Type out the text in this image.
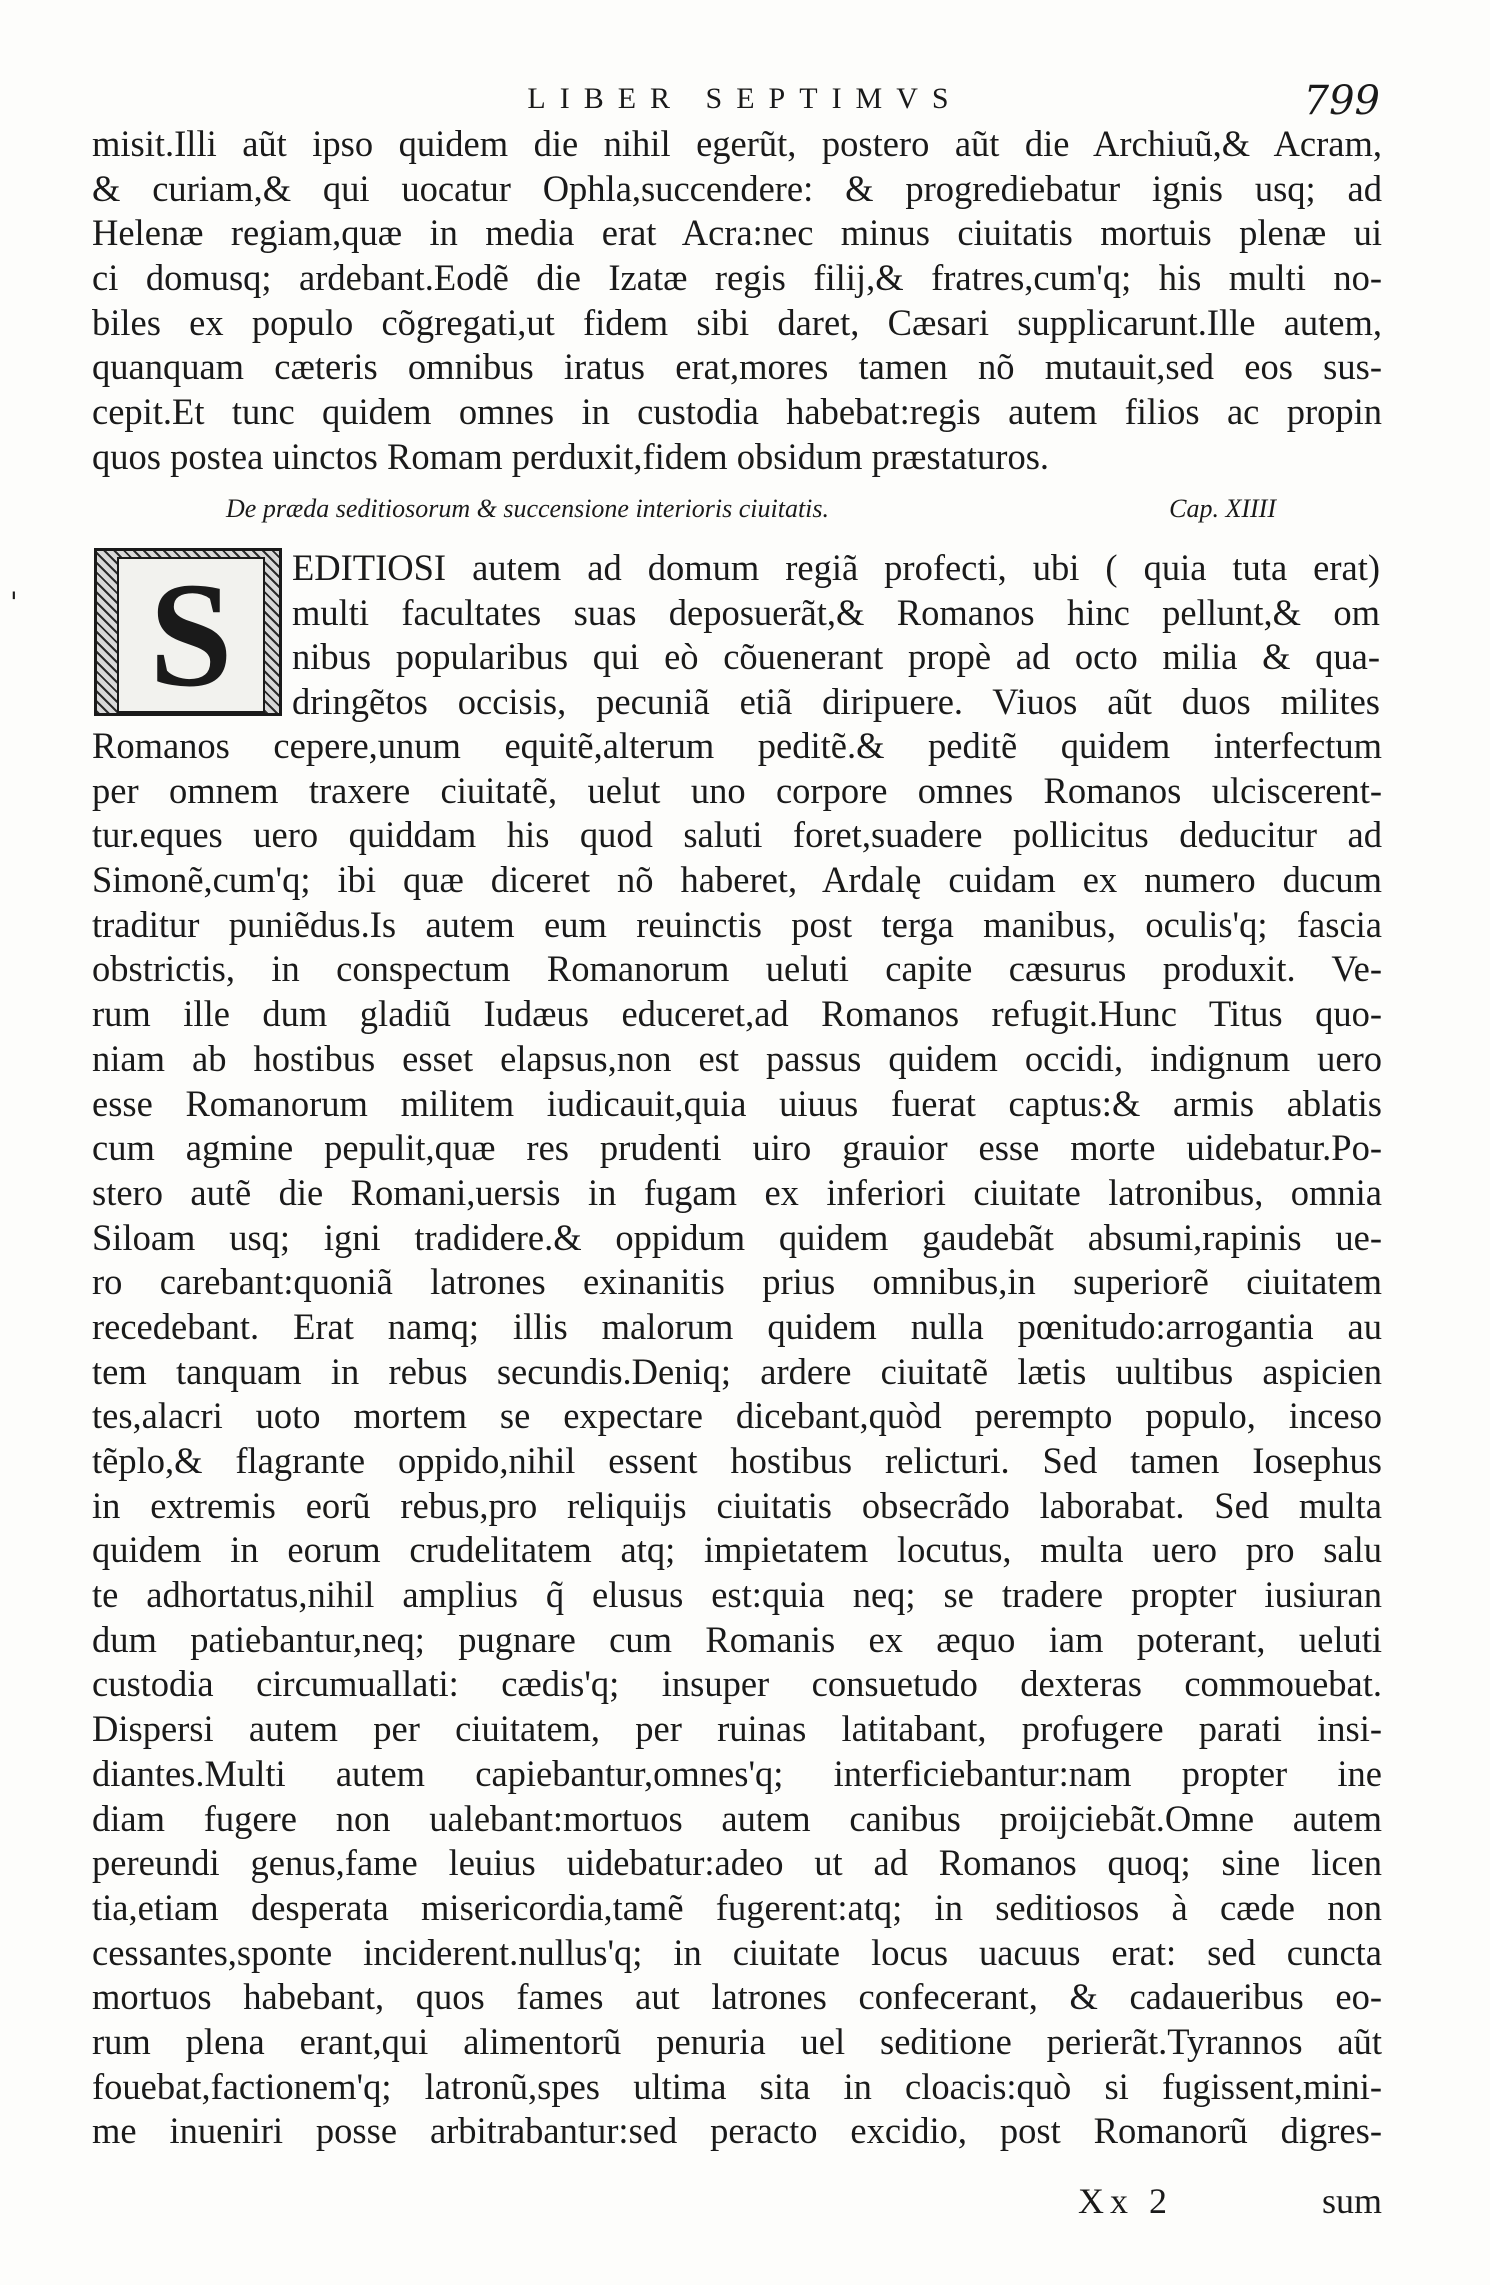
LIBER SEPTIMVS	799
misit.Illi aũt ipso quidem die nihil egerũt, postero aũt die Archiuũ,& Acram,
& curiam,& qui uocatur Ophla,succendere: & progrediebatur ignis usq; ad
Helenæ regiam,quæ in media erat Acra:nec minus ciuitatis mortuis plenæ ui
ci domusq; ardebant.Eodẽ die Izatæ regis filij,& fratres,cum'q; his multi no-
biles ex populo cõgregati,ut fidem sibi daret, Cæsari supplicarunt.Ille autem,
quanquam cæteris omnibus iratus erat,mores tamen nõ mutauit,sed eos sus-
cepit.Et tunc quidem omnes in custodia habebat:regis autem filios ac propin
quos postea uinctos Romam perduxit,fidem obsidum præstaturos.
De præda seditiosorum & succensione interioris ciuitatis.	Cap. XIIII
' S	EDITIOSI autem ad domum regiã profecti, ubi ( quia tuta erat)
multi facultates suas deposuerãt,& Romanos hinc pellunt,& om
nibus popularibus qui eò cõuenerant propè ad octo milia & qua-
dringẽtos occisis, pecuniã etiã diripuere. Viuos aũt duos milites
Romanos cepere,unum equitẽ,alterum peditẽ.& peditẽ quidem interfectum
per omnem traxere ciuitatẽ, uelut uno corpore omnes Romanos ulciscerent-
tur.eques uero quiddam his quod saluti foret,suadere pollicitus deducitur ad
Simonẽ,cum'q; ibi quæ diceret nõ haberet, Ardalę cuidam ex numero ducum
traditur puniẽdus.Is autem eum reuinctis post terga manibus, oculis'q; fascia
obstrictis, in conspectum Romanorum ueluti capite cæsurus produxit. Ve-
rum ille dum gladiũ Iudæus educeret,ad Romanos refugit.Hunc Titus quo-
niam ab hostibus esset elapsus,non est passus quidem occidi, indignum uero
esse Romanorum militem iudicauit,quia uiuus fuerat captus:& armis ablatis
cum agmine pepulit,quæ res prudenti uiro grauior esse morte uidebatur.Po-
stero autẽ die Romani,uersis in fugam ex inferiori ciuitate latronibus, omnia
Siloam usq; igni tradidere.& oppidum quidem gaudebãt absumi,rapinis ue-
ro carebant:quoniã latrones exinanitis prius omnibus,in superiorẽ ciuitatem
recedebant. Erat namq; illis malorum quidem nulla pœnitudo:arrogantia au
tem tanquam in rebus secundis.Deniq; ardere ciuitatẽ lætis uultibus aspicien
tes,alacri uoto mortem se expectare dicebant,quòd perempto populo, inceso
tẽplo,& flagrante oppido,nihil essent hostibus relicturi. Sed tamen Iosephus
in extremis eorũ rebus,pro reliquijs ciuitatis obsecrãdo laborabat. Sed multa
quidem in eorum crudelitatem atq; impietatem locutus, multa uero pro salu
te adhortatus,nihil amplius q̃ elusus est:quia neq; se tradere propter iusiuran
dum patiebantur,neq; pugnare cum Romanis ex æquo iam poterant, ueluti
custodia circumuallati: cædis'q; insuper consuetudo dexteras commouebat.
Dispersi autem per ciuitatem, per ruinas latitabant, profugere parati insi-
diantes.Multi autem capiebantur,omnes'q; interficiebantur:nam propter ine
diam fugere non ualebant:mortuos autem canibus proijciebãt.Omne autem
pereundi genus,fame leuius uidebatur:adeo ut ad Romanos quoq; sine licen
tia,etiam desperata misericordia,tamẽ fugerent:atq; in seditiosos à cæde non
cessantes,sponte inciderent.nullus'q; in ciuitate locus uacuus erat: sed cuncta
mortuos habebant, quos fames aut latrones confecerant, & cadaueribus eo-
rum plena erant,qui alimentorũ penuria uel seditione perierãt.Tyrannos aũt
fouebat,factionem'q; latronũ,spes ultima sita in cloacis:quò si fugissent,mini-
me inueniri posse arbitrabantur:sed peracto excidio, post Romanorũ digres-
Xx 2	sum
